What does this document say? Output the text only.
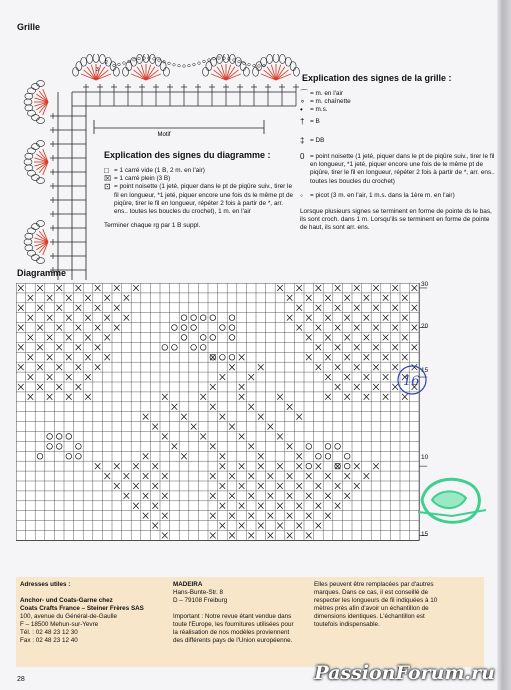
Grille
Motif
3
2
Explication des signes de la grille :
⌒ = m. en l'air
∘ = m. chaînette
• = m.s.
† = B
‡ = DB
0 = point noisette (1 jeté, piquer dans le pt de piqûre suiv., tirer le fil en longueur, *1 jeté, piquer encore une fois de le même pt de piqûre, tirer le fil en longueur, répéter 2 fois à partir de *, arr. ens.. toutes les boucles du crochet)
◦ = picot (3 m. en l'air, 1 m.s. dans la 1ère m. en l'air)
Lorsque plusieurs signes se terminent en forme de pointe ds le bas, ils sont croch. dans 1 m. Lorsqu'ils se terminent en forme de pointe de haut, ils sont arr. ens.
Explication des signes du diagramme :
□ = 1 carré vide (1 B, 2 m. en l'air)
☒ = 1 carré plein (3 B)
⊡ = point noisette (1 jeté, piquer dans le pt de piqûre suiv., tirer le fil en longueur, *1 jeté, piquer encore une fois ds le même pt de piqûre, tirer le fil en longueur, répéter 2 fois à partir de *, arr. ens.. toutes les boucles du crochet), 1 m. en l'air
Terminer chaque rg par 1 B suppl.
Diagramme
30
20
15
10
15
16
Adresses utiles :

Anchor- und Coats-Garne chez
Coats Crafts France – Steiner Frères SAS
100, avenue du Général-de-Gaulle
F – 18500 Mehun-sur-Yevre
Tél. : 02 48 23 12 30
Fax : 02 48 23 12 40
MADEIRA
Hans-Bunte-Str. 8
D – 79108 Freiburg

Important : Notre revue étant vendue dans
toute l'Europe, les fournitures utilisées pour
la réalisation de nos modèles proviennent
des différents pays de l'Union européenne.
Elles peuvent être remplacées par d'autres
marques. Dans ce cas, il est conseillé de
respecter les longueurs de fil indiquées à 10
mètres près afin d'avoir un échantillon de
dimensions identiques. L'échantillon est
toutefois indispensable.
28	PassionForum.ru
